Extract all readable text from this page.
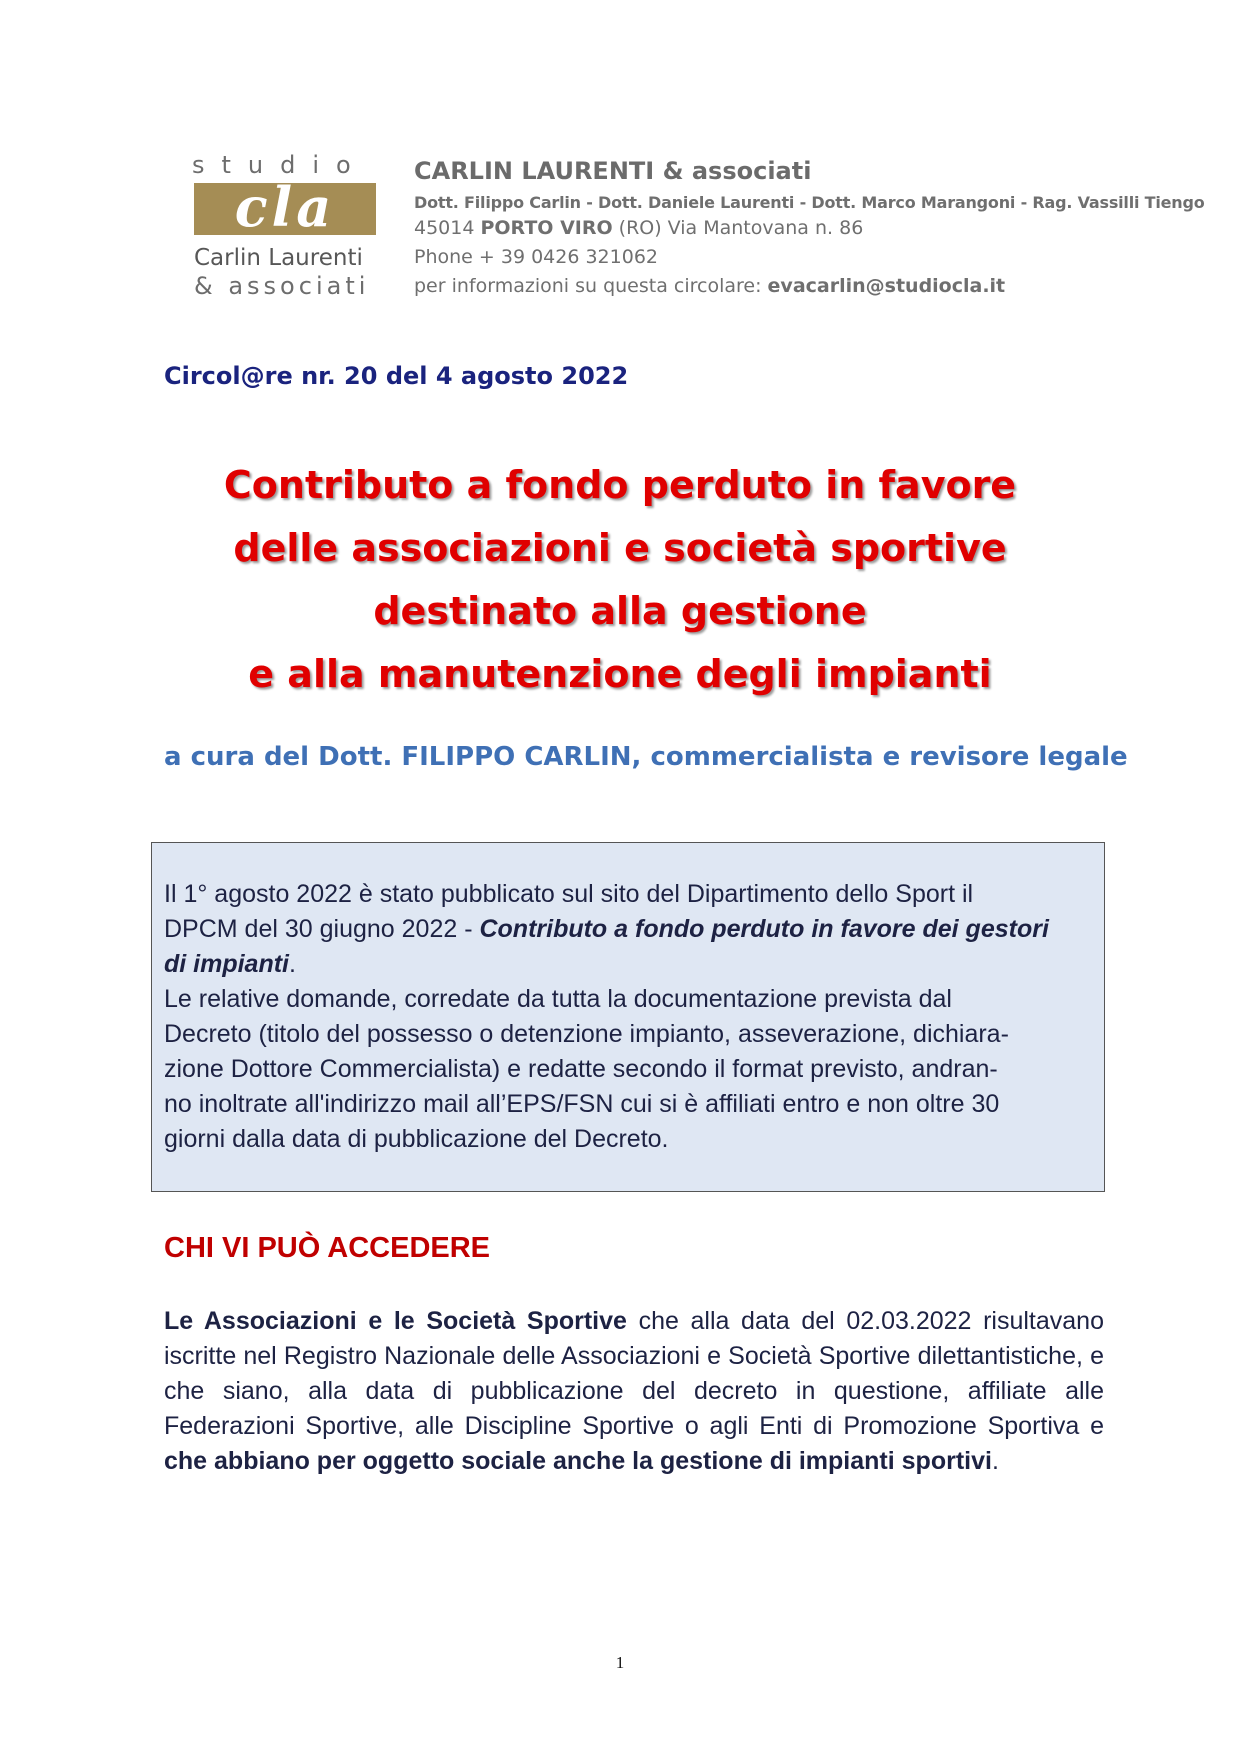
studio
cla
Carlin Laurenti
& associati
CARLIN LAURENTI & associati
Dott. Filippo Carlin - Dott. Daniele Laurenti - Dott. Marco Marangoni - Rag. Vassilli Tiengo
45014 PORTO VIRO (RO) Via Mantovana n. 86
Phone + 39 0426 321062
per informazioni su questa circolare: evacarlin@studiocla.it
Circol@re nr. 20 del 4 agosto 2022
Contributo a fondo perduto in favore
delle associazioni e società sportive
destinato alla gestione
e alla manutenzione degli impianti
a cura del Dott. FILIPPO CARLIN, commercialista e revisore legale
Il 1° agosto 2022 è stato pubblicato sul sito del Dipartimento dello Sport il
DPCM del 30 giugno 2022 - Contributo a fondo perduto in favore dei gestori
di impianti.
Le relative domande, corredate da tutta la documentazione prevista dal
Decreto (titolo del possesso o detenzione impianto, asseverazione, dichiara-
zione Dottore Commercialista) e redatte secondo il format previsto, andran-
no inoltrate all'indirizzo mail all’EPS/FSN cui si è affiliati entro e non oltre 30
giorni dalla data di pubblicazione del Decreto.
CHI VI PUÒ ACCEDERE
Le Associazioni e le Società Sportive che alla data del 02.03.2022 risultavano iscritte nel Registro Nazionale delle Associazioni e Società Sportive dilettantistiche, e che siano, alla data di pubblicazione del decreto in questione, affiliate alle Federazioni Sportive, alle Discipline Sportive o agli Enti di Promozione Sportiva e che abbiano per oggetto sociale anche la gestione di impianti sportivi.
1
